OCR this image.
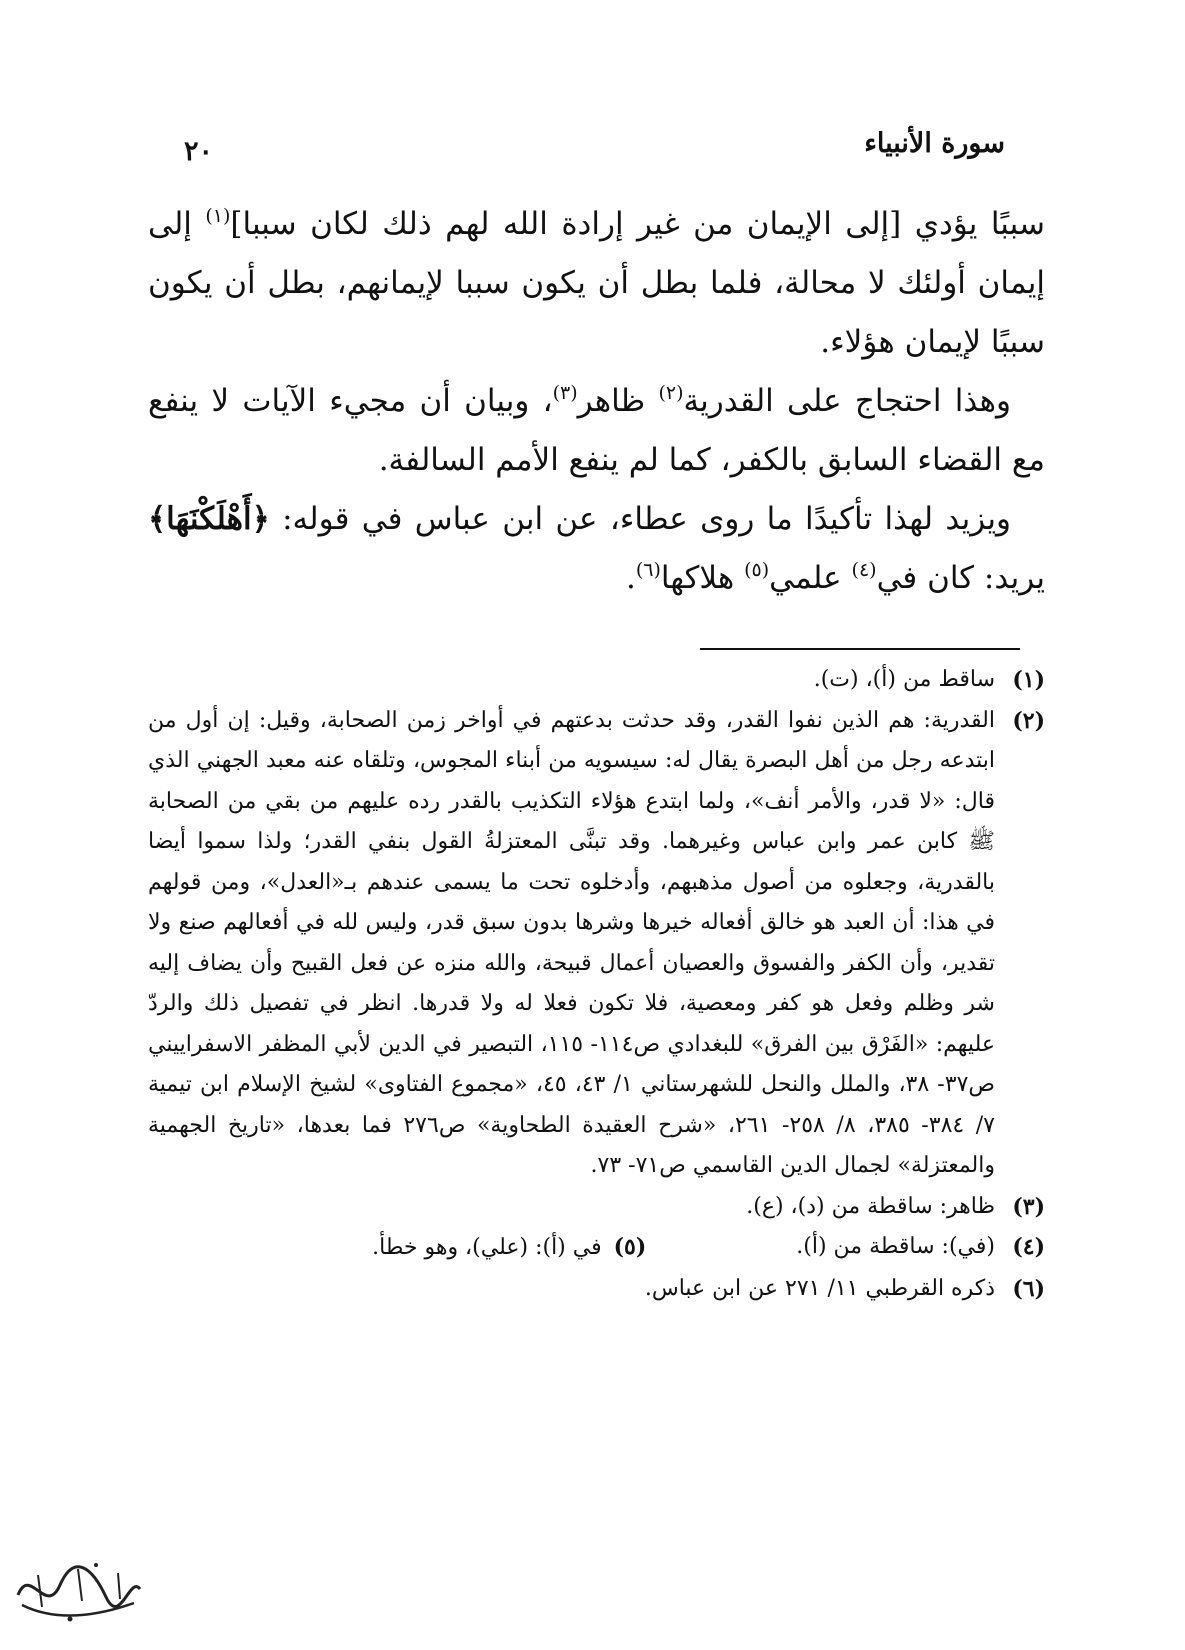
سورة الأنبياء
٢٠

سببًا يؤدي [إلى الإيمان من غير إرادة الله لهم ذلك لكان سببا]$^{(١)}$ إلى إيمان أولئك لا محالة، فلما بطل أن يكون سببا لإيمانهم، بطل أن يكون سببًا لإيمان هؤلاء.

وهذا احتجاج على القدرية$^{(٢)}$ ظاهر$^{(٣)}$، وبيان أن مجيء الآيات لا ينفع مع القضاء السابق بالكفر، كما لم ينفع الأمم السالفة.

ويزيد لهذا تأكيدًا ما روى عطاء، عن ابن عباس في قوله: ﴿أَهْلَكْنَهَا﴾ يريد: كان في$^{(٤)}$ علمي$^{(٥)}$ هلاكها$^{(٦)}$.

(١)
ساقط من (أ)، (ت).
(٢)
القدرية: هم الذين نفوا القدر، وقد حدثت بدعتهم في أواخر زمن الصحابة، وقيل: إن أول من ابتدعه رجل من أهل البصرة يقال له: سيسويه من أبناء المجوس، وتلقاه عنه معبد الجهني الذي قال: «لا قدر، والأمر أنف»، ولما ابتدع هؤلاء التكذيب بالقدر رده عليهم من بقي من الصحابة ﷺ كابن عمر وابن عباس وغيرهما. وقد تبنَّى المعتزلةُ القول بنفي القدر؛ ولذا سموا أيضا بالقدرية، وجعلوه من أصول مذهبهم، وأدخلوه تحت ما يسمى عندهم بـ«العدل»، ومن قولهم في هذا: أن العبد هو خالق أفعاله خيرها وشرها بدون سبق قدر، وليس لله في أفعالهم صنع ولا تقدير، وأن الكفر والفسوق والعصيان أعمال قبيحة، والله منزه عن فعل القبيح وأن يضاف إليه شر وظلم وفعل هو كفر ومعصية، فلا تكون فعلا له ولا قدرها. انظر في تفصيل ذلك والردّ عليهم: «الفَرْق بين الفرق» للبغدادي ص١١٤- ١١٥، التبصير في الدين لأبي المظفر الاسفراييني ص٣٧- ٣٨، والملل والنحل للشهرستاني ١/ ٤٣، ٤٥، «مجموع الفتاوى» لشيخ الإسلام ابن تيمية ٧/ ٣٨٤- ٣٨٥، ٨/ ٢٥٨- ٢٦١، «شرح العقيدة الطحاوية» ص٢٧٦ فما بعدها، «تاريخ الجهمية والمعتزلة» لجمال الدين القاسمي ص٧١- ٧٣.
(٣)
ظاهر: ساقطة من (د)، (ع).
(٤)
(في): ساقطة من (أ).
(٥)في (أ): (علي)، وهو خطأ.
(٦)
ذكره القرطبي ١١/ ٢٧١ عن ابن عباس.
